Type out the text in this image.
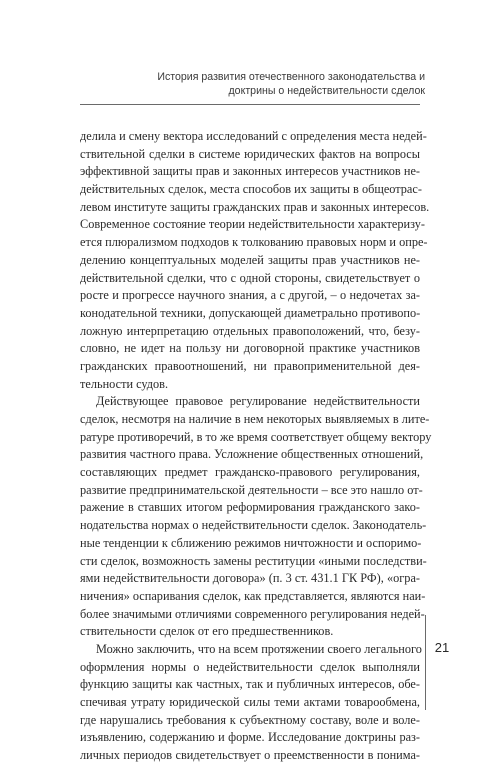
История развития отечественного законодательства и
доктрины о недействительности сделок

делила и смену вектора исследований с определения места недей-
ствительной сделки в системе юридических фактов на вопросы
эффективной защиты прав и законных интересов участников не-
действительных сделок, места способов их защиты в общеотрас-
левом институте защиты гражданских прав и законных интересов.
Современное состояние теории недействительности характеризу-
ется плюрализмом подходов к толкованию правовых норм и опре-
делению концептуальных моделей защиты прав участников не-
действительной сделки, что с одной стороны, свидетельствует о
росте и прогрессе научного знания, а с другой, – о недочетах за-
конодательной техники, допускающей диаметрально противопо-
ложную интерпретацию отдельных правоположений, что, безу-
словно, не идет на пользу ни договорной практике участников
гражданских правоотношений, ни правоприменительной дея-
тельности судов.

Действующее правовое регулирование недействительности
сделок, несмотря на наличие в нем некоторых выявляемых в лите-
ратуре противоречий, в то же время соответствует общему вектору
развития частного права. Усложнение общественных отношений,
составляющих предмет гражданско-правового регулирования,
развитие предпринимательской деятельности – все это нашло от-
ражение в ставших итогом реформирования гражданского зако-
нодательства нормах о недействительности сделок. Законодатель-
ные тенденции к сближению режимов ничтожности и оспоримо-
сти сделок, возможность замены реституции «иными последстви-
ями недействительности договора» (п. 3 ст. 431.1 ГК РФ), «огра-
ничения» оспаривания сделок, как представляется, являются наи-
более значимыми отличиями современного регулирования недей-
ствительности сделок от его предшественников.

Можно заключить, что на всем протяжении своего легального
оформления нормы о недействительности сделок выполняли
функцию защиты как частных, так и публичных интересов, обе-
спечивая утрату юридической силы теми актами товарообмена,
где нарушались требования к субъектному составу, воле и воле-
изъявлению, содержанию и форме. Исследование доктрины раз-
личных периодов свидетельствует о преемственности в понима-

21
